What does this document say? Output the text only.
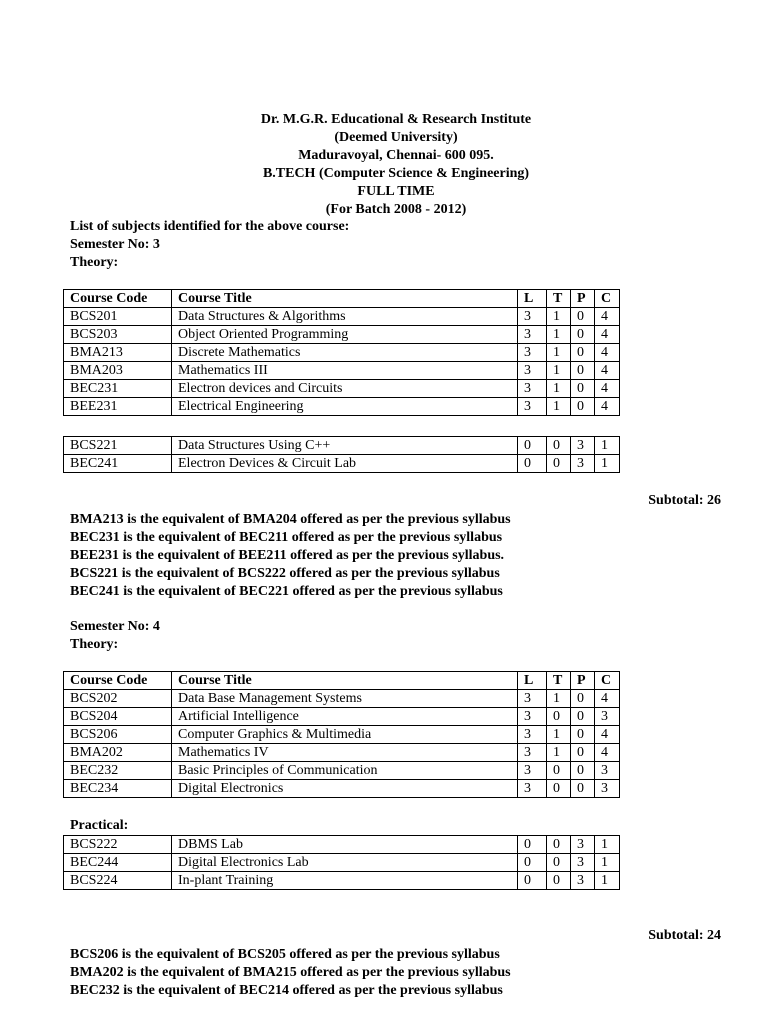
Dr. M.G.R. Educational & Research Institute
(Deemed University)
Maduravoyal, Chennai- 600 095.
B.TECH (Computer Science & Engineering)
FULL TIME
(For Batch 2008 - 2012)
List of subjects identified for the above course:
Semester No: 3
Theory:
Course Code	Course Title	L	T	P	C
BCS201	Data Structures & Algorithms	3	1	0	4
BCS203	Object Oriented Programming	3	1	0	4
BMA213	Discrete Mathematics	3	1	0	4
BMA203	Mathematics III	3	1	0	4
BEC231	Electron devices and Circuits	3	1	0	4
BEE231	Electrical Engineering	3	1	0	4
BCS221	Data Structures Using C++	0	0	3	1
BEC241	Electron Devices & Circuit Lab	0	0	3	1
Subtotal: 26
BMA213 is the equivalent of BMA204 offered as per the previous syllabus
BEC231 is the equivalent of BEC211 offered as per the previous syllabus
BEE231 is the equivalent of BEE211 offered as per the previous syllabus.
BCS221 is the equivalent of BCS222 offered as per the previous syllabus
BEC241 is the equivalent of BEC221 offered as per the previous syllabus
Semester No: 4
Theory:
Course Code	Course Title	L	T	P	C
BCS202	Data Base Management Systems	3	1	0	4
BCS204	Artificial Intelligence	3	0	0	3
BCS206	Computer Graphics & Multimedia	3	1	0	4
BMA202	Mathematics IV	3	1	0	4
BEC232	Basic Principles of Communication	3	0	0	3
BEC234	Digital Electronics	3	0	0	3
Practical:
BCS222	DBMS Lab	0	0	3	1
BEC244	Digital Electronics Lab	0	0	3	1
BCS224	In-plant Training	0	0	3	1
Subtotal: 24
BCS206 is the equivalent of BCS205 offered as per the previous syllabus
BMA202 is the equivalent of BMA215 offered as per the previous syllabus
BEC232 is the equivalent of BEC214 offered as per the previous syllabus
